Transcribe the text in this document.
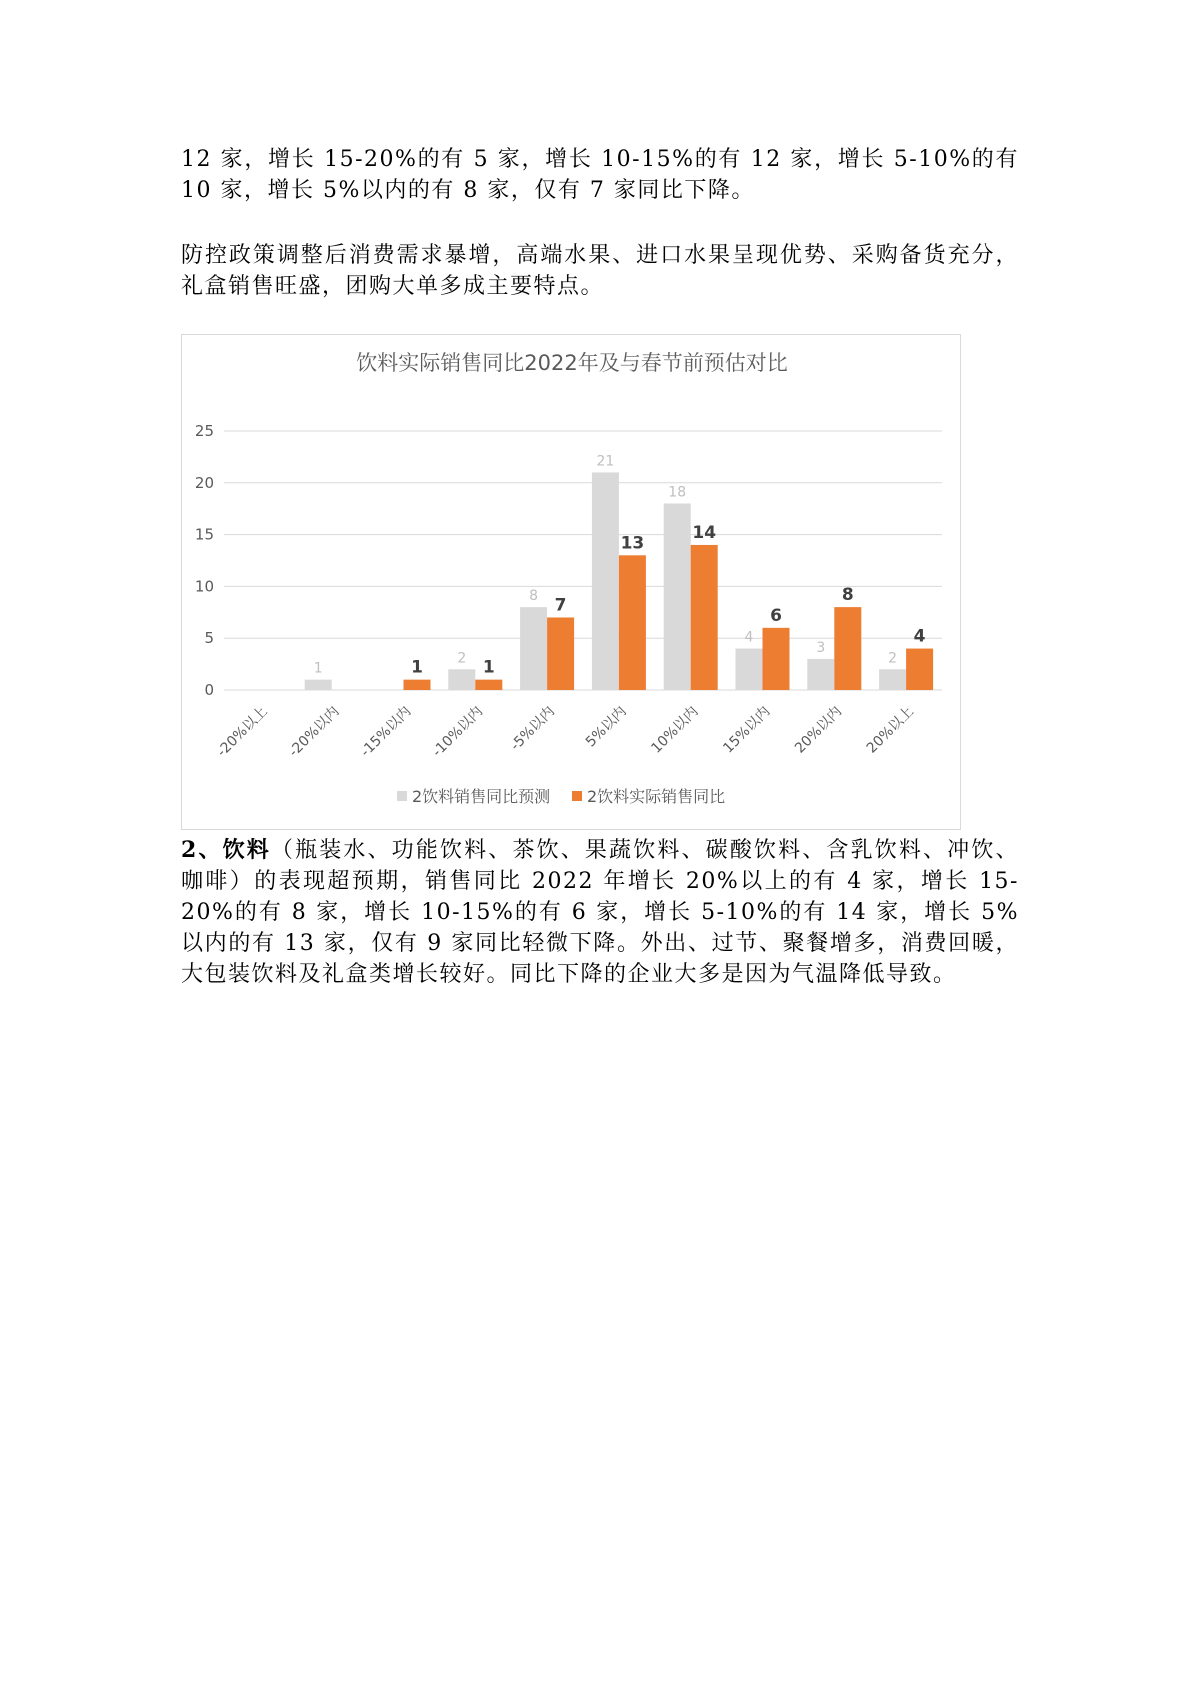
12 家，增长 15-20%的有 5 家，增长 10-15%的有 12 家，增长 5-10%的有 10 家，增长 5%以内的有 8 家，仅有 7 家同比下降。

防控政策调整后消费需求暴增，高端水果、进口水果呈现优势、采购备货充分，礼盒销售旺盛，团购大单多成主要特点。

饮料实际销售同比2022年及与春节前预估对比
0
5
10
15
20
25
1	1 2 1
8 7
21
13
18
14
4
6
3
8
2
4
-20%以上 -20%以内 -15%以内 -10%以内 -5%以内 5%以内 10%以内 15%以内 20%以内 20%以上
2饮料销售同比预测 2饮料实际销售同比

2、饮料（瓶装水、功能饮料、茶饮、果蔬饮料、碳酸饮料、含乳饮料、冲饮、咖啡）的表现超预期，销售同比 2022 年增长 20%以上的有 4 家，增长 15-20%的有 8 家，增长 10-15%的有 6 家，增长 5-10%的有 14 家，增长 5%以内的有 13 家，仅有 9 家同比轻微下降。外出、过节、聚餐增多，消费回暖，大包装饮料及礼盒类增长较好。同比下降的企业大多是因为气温降低导致。
